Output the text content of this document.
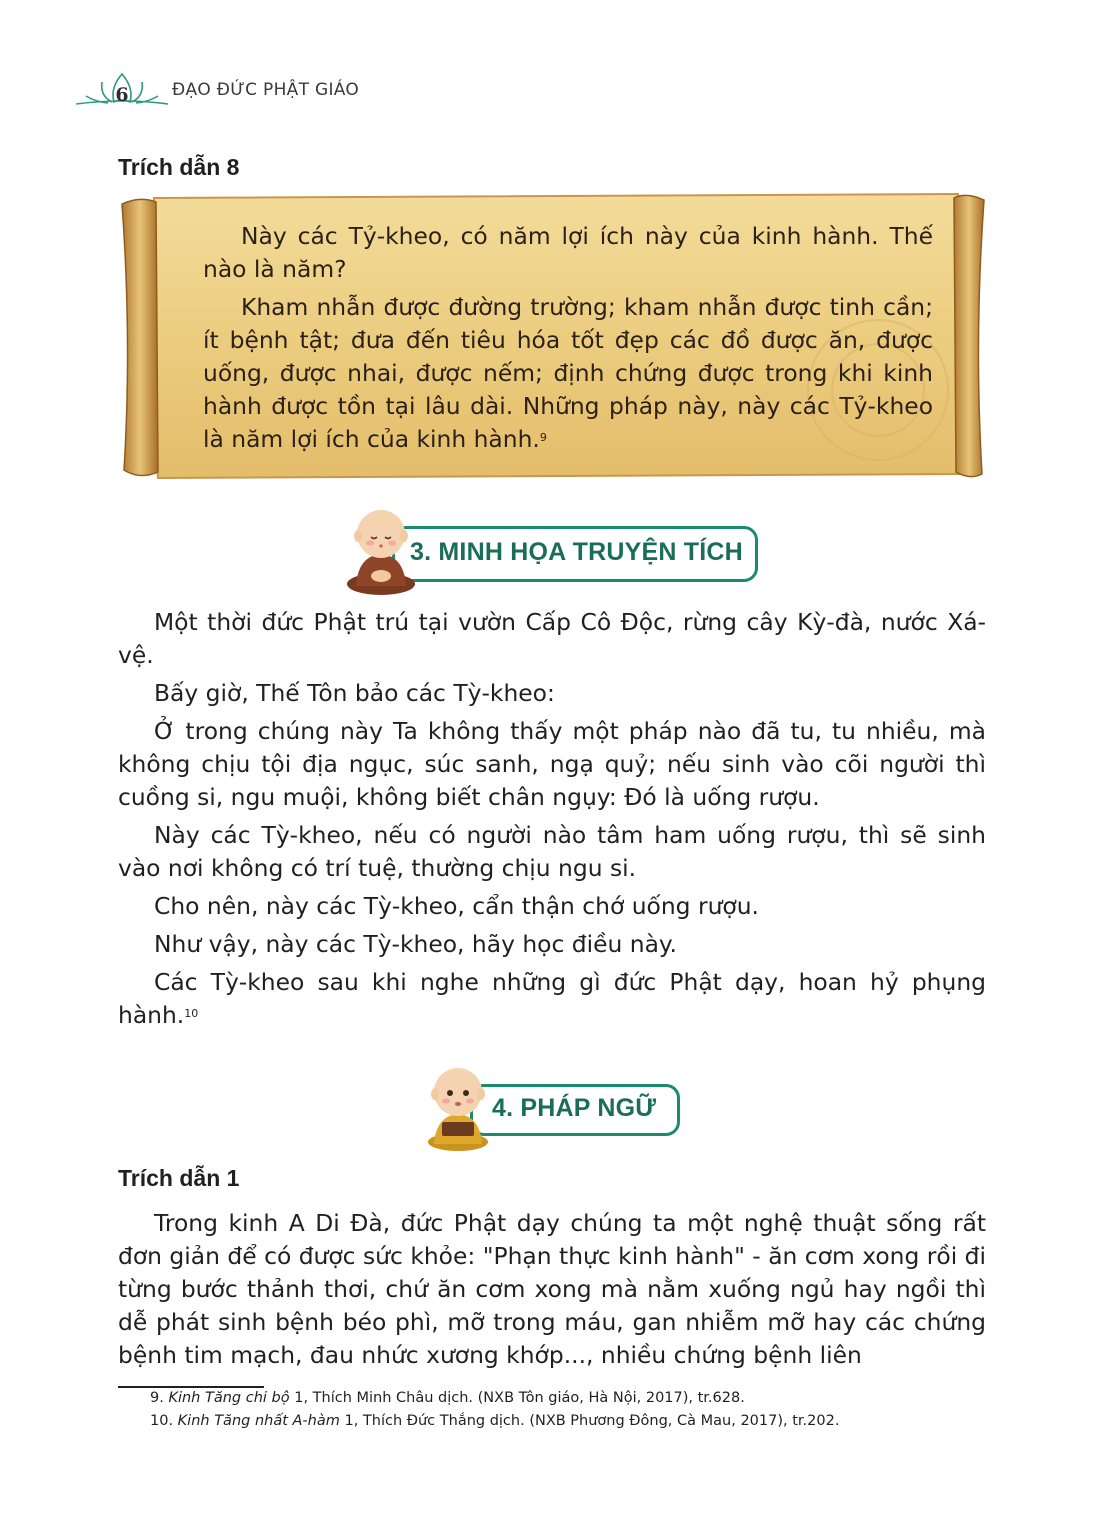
6	ĐẠO ĐỨC PHẬT GIÁO
Trích dẫn 8

Này các Tỷ-kheo, có năm lợi ích này của kinh hành. Thế nào là năm?

Kham nhẫn được đường trường; kham nhẫn được tinh cần; ít bệnh tật; đưa đến tiêu hóa tốt đẹp các đồ được ăn, được uống, được nhai, được nếm; định chứng được trong khi kinh hành được tồn tại lâu dài. Những pháp này, này các Tỷ-kheo là năm lợi ích của kinh hành.$^9$

3. MINH HỌA TRUYỆN TÍCH

Một thời đức Phật trú tại vườn Cấp Cô Độc, rừng cây Kỳ-đà, nước Xá-vệ.

Bấy giờ, Thế Tôn bảo các Tỳ-kheo:

Ở trong chúng này Ta không thấy một pháp nào đã tu, tu nhiều, mà không chịu tội địa ngục, súc sanh, ngạ quỷ; nếu sinh vào cõi người thì cuồng si, ngu muội, không biết chân ngụy: Đó là uống rượu.

Này các Tỳ-kheo, nếu có người nào tâm ham uống rượu, thì sẽ sinh vào nơi không có trí tuệ, thường chịu ngu si.

Cho nên, này các Tỳ-kheo, cẩn thận chớ uống rượu.

Như vậy, này các Tỳ-kheo, hãy học điều này.

Các Tỳ-kheo sau khi nghe những gì đức Phật dạy, hoan hỷ phụng hành.$^{10}$

4. PHÁP NGỮ
Trích dẫn 1

Trong kinh A Di Đà, đức Phật dạy chúng ta một nghệ thuật sống rất đơn giản để có được sức khỏe: "Phạn thực kinh hành" - ăn cơm xong rồi đi từng bước thảnh thơi, chứ ăn cơm xong mà nằm xuống ngủ hay ngồi thì dễ phát sinh bệnh béo phì, mỡ trong máu, gan nhiễm mỡ hay các chứng bệnh tim mạch, đau nhức xương khớp..., nhiều chứng bệnh liên

9. Kinh Tăng chi bộ 1, Thích Minh Châu dịch. (NXB Tôn giáo, Hà Nội, 2017), tr.628.
10. Kinh Tăng nhất A-hàm 1, Thích Đức Thắng dịch. (NXB Phương Đông, Cà Mau, 2017), tr.202.
